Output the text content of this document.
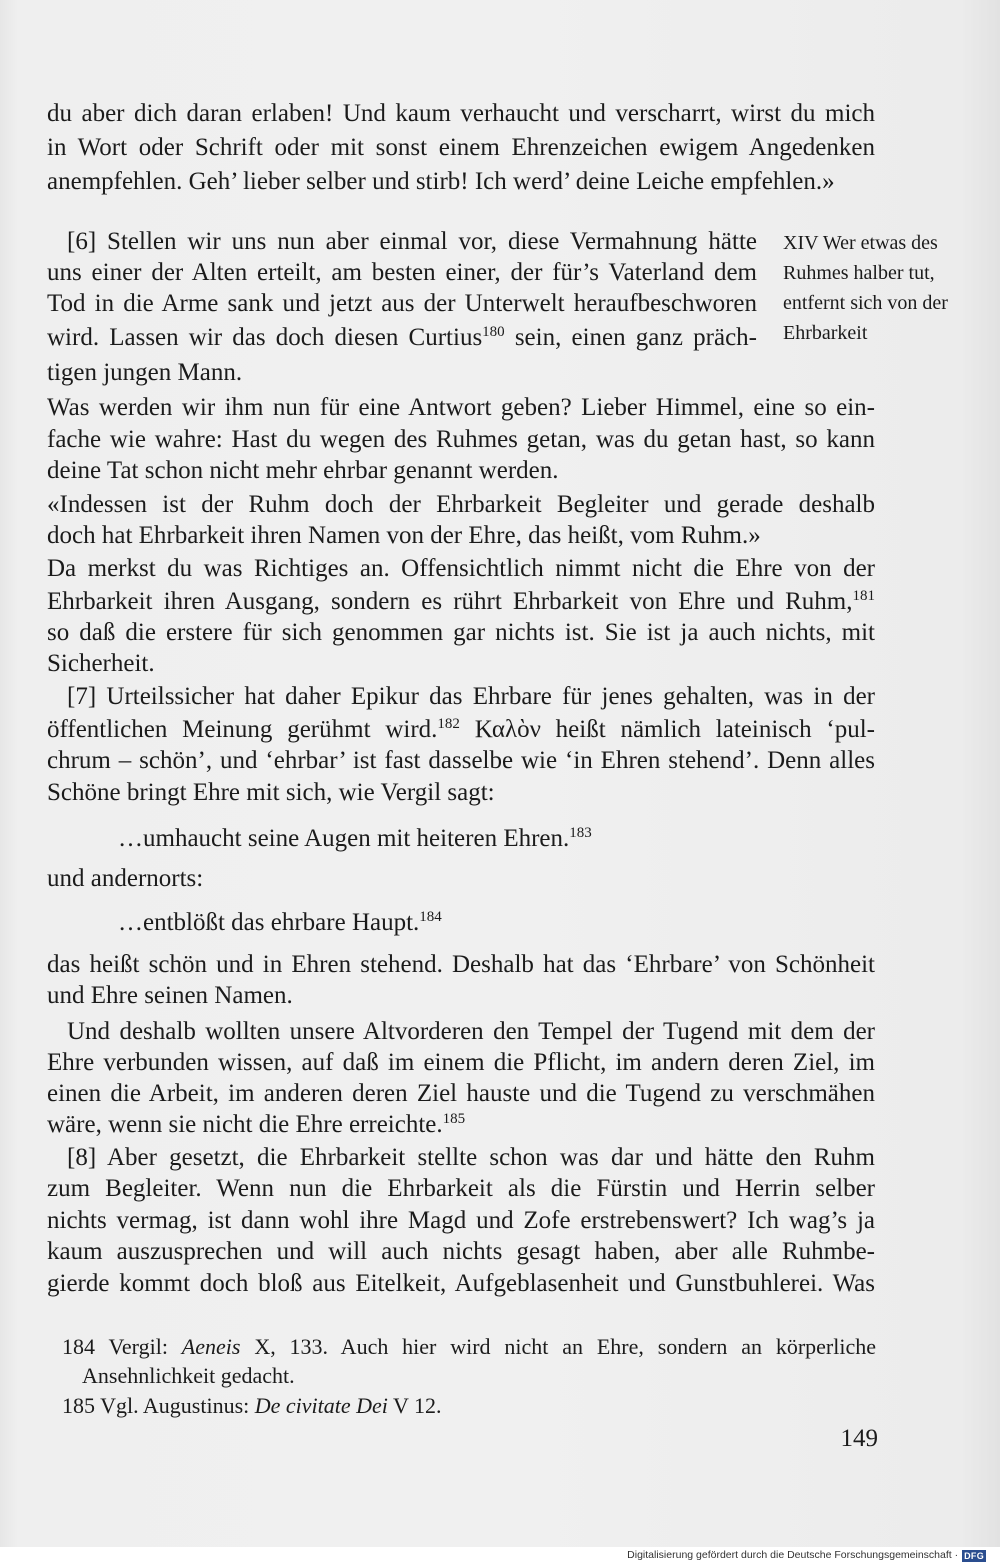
du aber dich daran erlaben! Und kaum verhaucht und verscharrt, wirst du mich
in Wort oder Schrift oder mit sonst einem Ehrenzeichen ewigem Angedenken
anempfehlen. Geh’ lieber selber und stirb! Ich werd’ deine Leiche empfehlen.»
[6] Stellen wir uns nun aber einmal vor, diese Vermahnung hätte
uns einer der Alten erteilt, am besten einer, der für’s Vaterland dem
Tod in die Arme sank und jetzt aus der Unterwelt heraufbeschworen
wird. Lassen wir das doch diesen Curtius$^{180}$ sein, einen ganz präch-
tigen jungen Mann.
XIV Wer etwas des
Ruhmes halber tut,
entfernt sich von der
Ehrbarkeit
Was werden wir ihm nun für eine Antwort geben? Lieber Himmel, eine so ein-
fache wie wahre: Hast du wegen des Ruhmes getan, was du getan hast, so kann
deine Tat schon nicht mehr ehrbar genannt werden.
«Indessen ist der Ruhm doch der Ehrbarkeit Begleiter und gerade deshalb
doch hat Ehrbarkeit ihren Namen von der Ehre, das heißt, vom Ruhm.»
Da merkst du was Richtiges an. Offensichtlich nimmt nicht die Ehre von der
Ehrbarkeit ihren Ausgang, sondern es rührt Ehrbarkeit von Ehre und Ruhm,$^{181}$
so daß die erstere für sich genommen gar nichts ist. Sie ist ja auch nichts, mit
Sicherheit.
[7] Urteilssicher hat daher Epikur das Ehrbare für jenes gehalten, was in der
öffentlichen Meinung gerühmt wird.$^{182}$ Καλὸν heißt nämlich lateinisch ‘pul-
chrum – schön’, und ‘ehrbar’ ist fast dasselbe wie ‘in Ehren stehend’. Denn alles
Schöne bringt Ehre mit sich, wie Vergil sagt:
…umhaucht seine Augen mit heiteren Ehren.$^{183}$
und andernorts:
…entblößt das ehrbare Haupt.$^{184}$
das heißt schön und in Ehren stehend. Deshalb hat das ‘Ehrbare’ von Schönheit
und Ehre seinen Namen.
Und deshalb wollten unsere Altvorderen den Tempel der Tugend mit dem der
Ehre verbunden wissen, auf daß im einem die Pflicht, im andern deren Ziel, im
einen die Arbeit, im anderen deren Ziel hauste und die Tugend zu verschmähen
wäre, wenn sie nicht die Ehre erreichte.$^{185}$
[8] Aber gesetzt, die Ehrbarkeit stellte schon was dar und hätte den Ruhm
zum Begleiter. Wenn nun die Ehrbarkeit als die Fürstin und Herrin selber
nichts vermag, ist dann wohl ihre Magd und Zofe erstrebenswert? Ich wag’s ja
kaum auszusprechen und will auch nichts gesagt haben, aber alle Ruhmbe-
gierde kommt doch bloß aus Eitelkeit, Aufgeblasenheit und Gunstbuhlerei. Was
184 Vergil: Aeneis X, 133. Auch hier wird nicht an Ehre, sondern an körperliche
Ansehnlichkeit gedacht.
185 Vgl. Augustinus: De civitate Dei V 12.
149
Digitalisierung gefördert durch die Deutsche Forschungsgemeinschaft · DFG
